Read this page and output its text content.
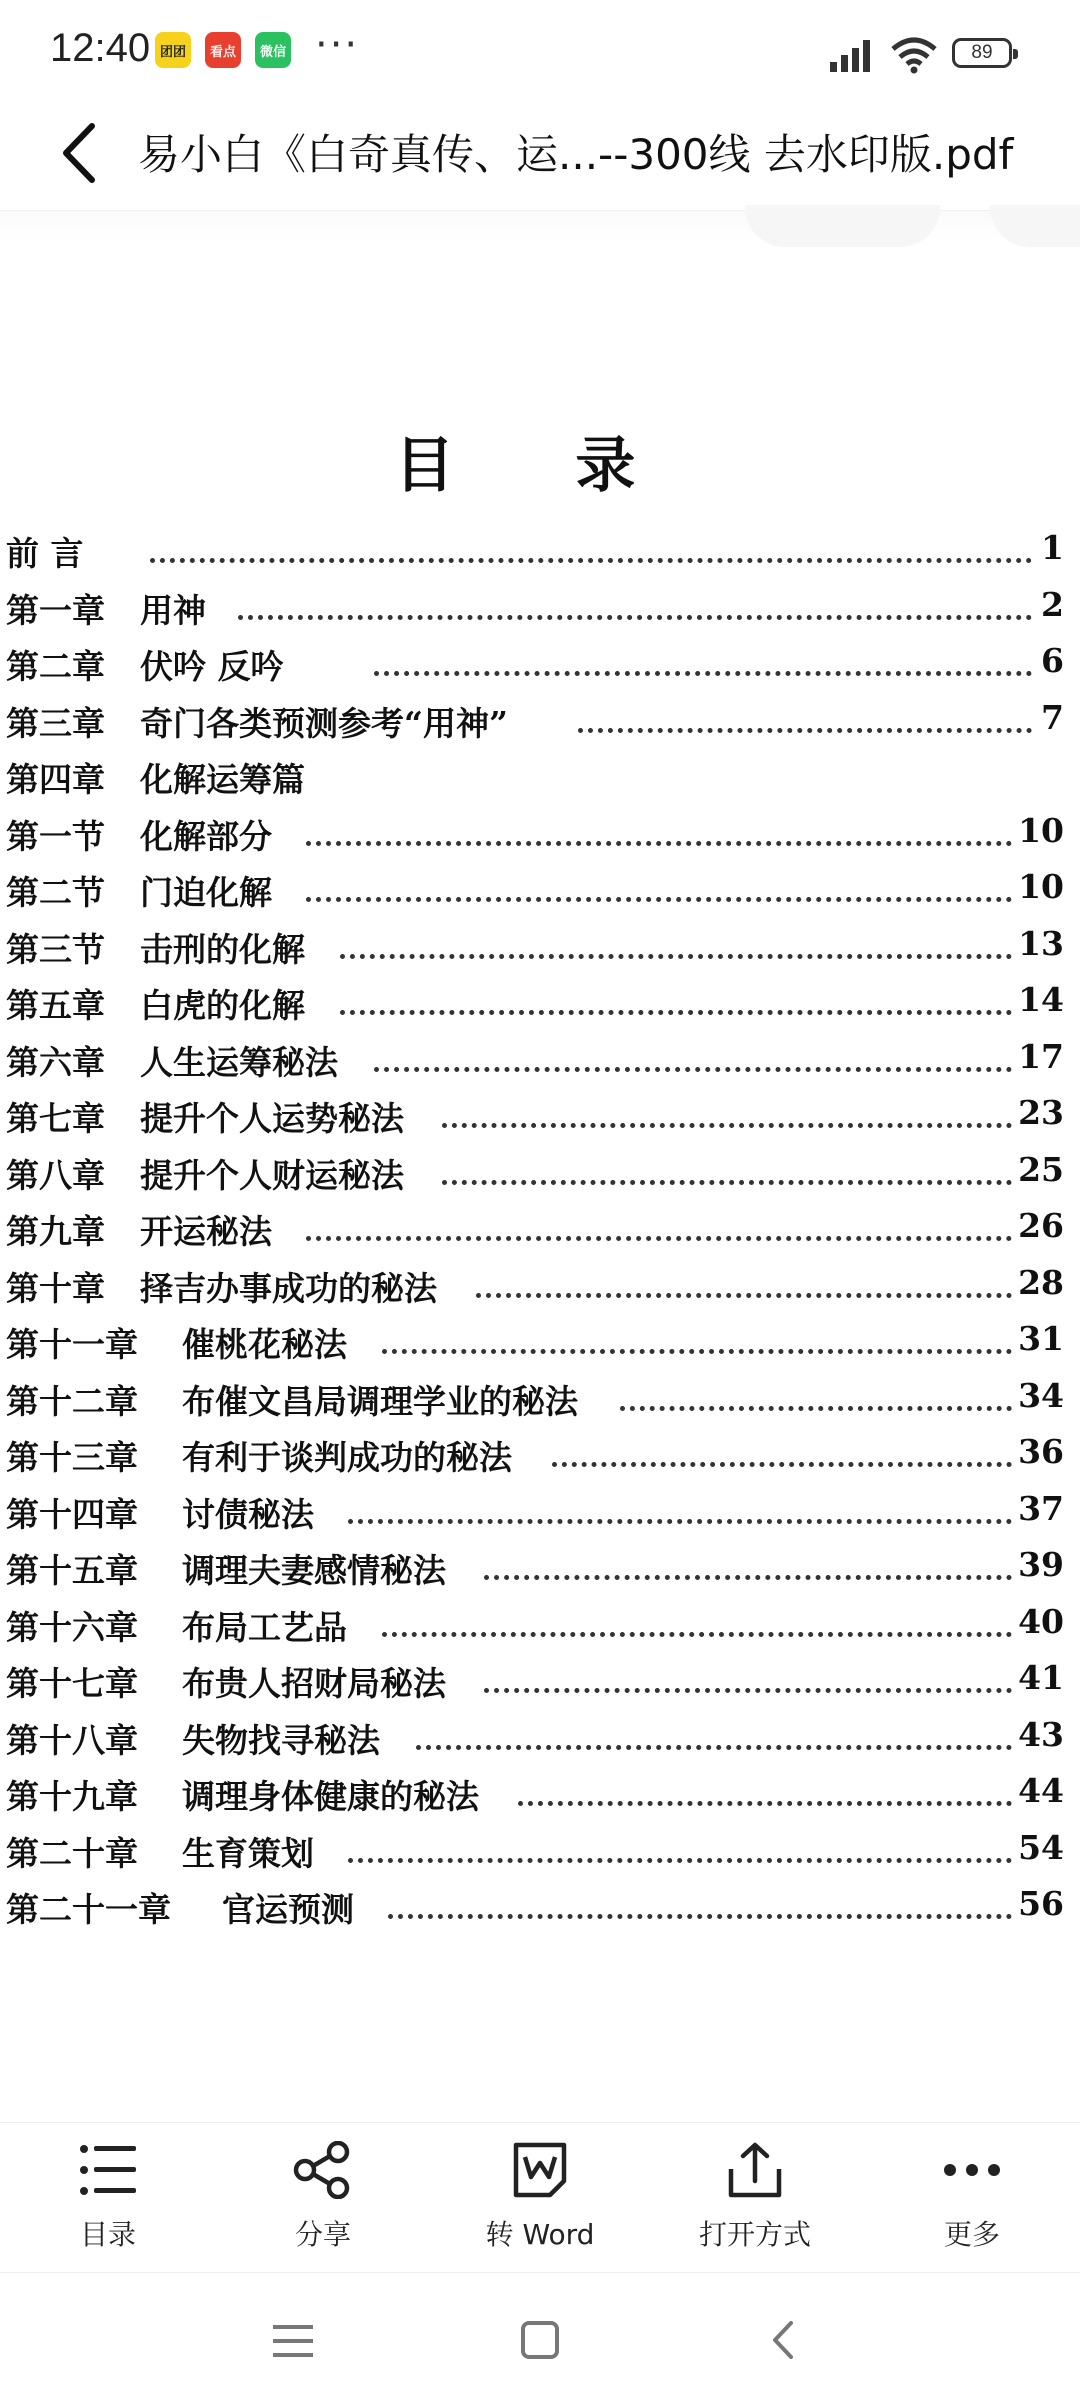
12:40 团团	看点	微信 ···	89
易小白《白奇真传、运...--300线 去水印版.pdf
目 录
前 言	1
第一章 用神	2
第二章 伏吟 反吟	6
第三章 奇门各类预测参考“用神”	7
第四章 化解运筹篇
第一节 化解部分	10
第二节 门迫化解	10
第三节 击刑的化解	13
第五章 白虎的化解	14
第六章 人生运筹秘法	17
第七章 提升个人运势秘法	23
第八章 提升个人财运秘法	25
第九章 开运秘法	26
第十章 择吉办事成功的秘法	28
第十一章 催桃花秘法	31
第十二章 布催文昌局调理学业的秘法	34
第十三章 有利于谈判成功的秘法	36
第十四章 讨债秘法	37
第十五章 调理夫妻感情秘法	39
第十六章 布局工艺品	40
第十七章 布贵人招财局秘法	41
第十八章 失物找寻秘法	43
第十九章 调理身体健康的秘法	44
第二十章 生育策划	54
第二十一章 官运预测	56
目录	分享	转 Word	打开方式	更多
